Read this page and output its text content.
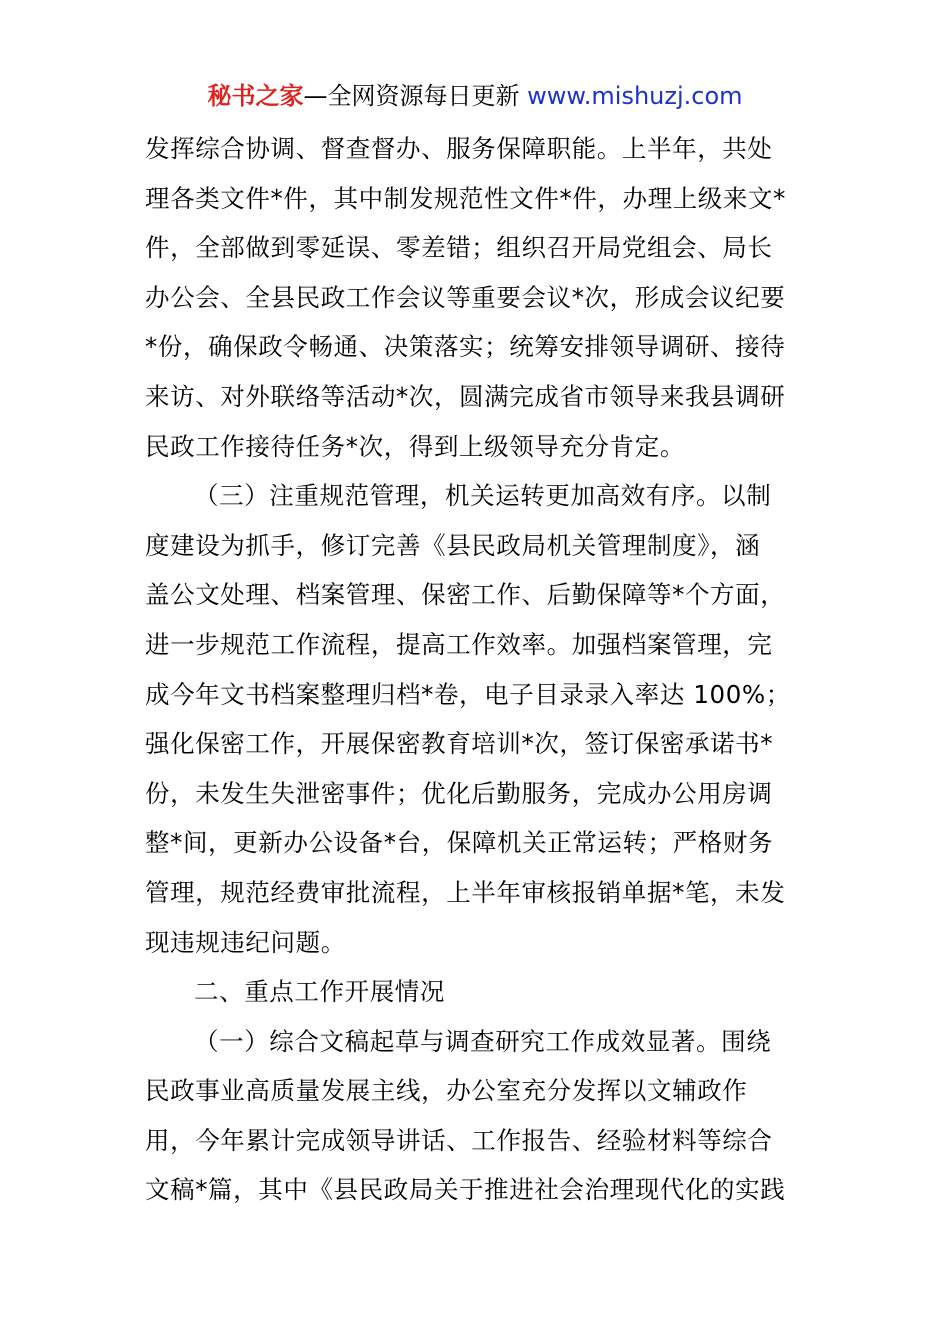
秘书之家—全网资源每日更新 www.mishuzj.com
发挥综合协调、督查督办、服务保障职能。上半年，共处
理各类文件*件，其中制发规范性文件*件，办理上级来文*
件，全部做到零延误、零差错；组织召开局党组会、局长
办公会、全县民政工作会议等重要会议*次，形成会议纪要
*份，确保政令畅通、决策落实；统筹安排领导调研、接待
来访、对外联络等活动*次，圆满完成省市领导来我县调研
民政工作接待任务*次，得到上级领导充分肯定。
（三）注重规范管理，机关运转更加高效有序。以制
度建设为抓手，修订完善《县民政局机关管理制度》，涵
盖公文处理、档案管理、保密工作、后勤保障等*个方面，
进一步规范工作流程，提高工作效率。加强档案管理，完
成今年文书档案整理归档*卷，电子目录录入率达 100%；
强化保密工作，开展保密教育培训*次，签订保密承诺书*
份，未发生失泄密事件；优化后勤服务，完成办公用房调
整*间，更新办公设备*台，保障机关正常运转；严格财务
管理，规范经费审批流程，上半年审核报销单据*笔，未发
现违规违纪问题。
二、重点工作开展情况
（一）综合文稿起草与调查研究工作成效显著。围绕
民政事业高质量发展主线，办公室充分发挥以文辅政作
用，今年累计完成领导讲话、工作报告、经验材料等综合
文稿*篇，其中《县民政局关于推进社会治理现代化的实践
